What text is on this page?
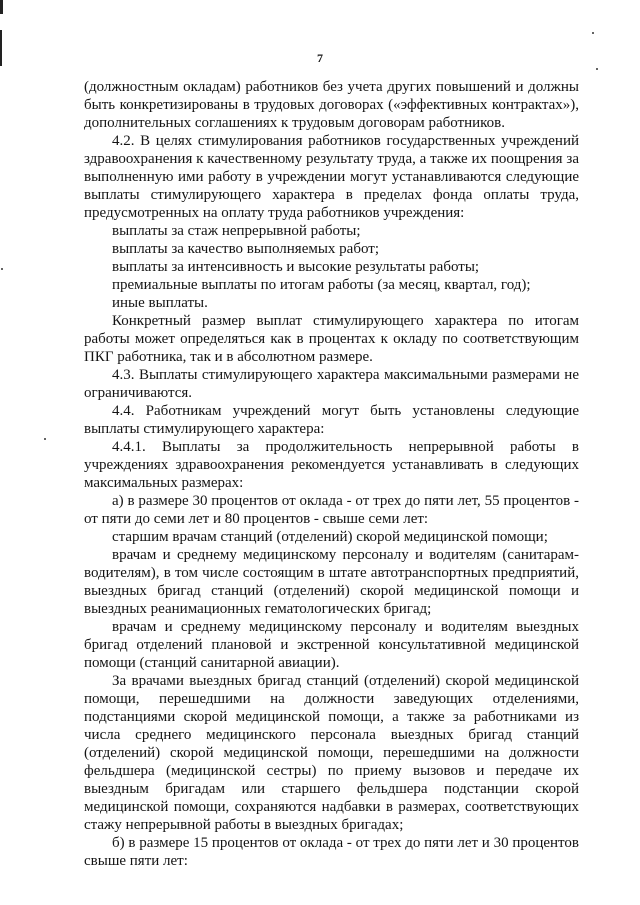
7

(должностным окладам) работников без учета других повышений и должны быть конкретизированы в трудовых договорах («эффективных контрактах»), дополнительных соглашениях к трудовым договорам работников.

4.2. В целях стимулирования работников государственных учреждений здравоохранения к качественному результату труда, а также их поощрения за выполненную ими работу в учреждении могут устанавливаются следующие выплаты стимулирующего характера в пределах фонда оплаты труда, предусмотренных на оплату труда работников учреждения:

выплаты за стаж непрерывной работы;

выплаты за качество выполняемых работ;

выплаты за интенсивность и высокие результаты работы;

премиальные выплаты по итогам работы (за месяц, квартал, год);

иные выплаты.

Конкретный размер выплат стимулирующего характера по итогам работы может определяться как в процентах к окладу по соответствующим ПКГ работника, так и в абсолютном размере.

4.3. Выплаты стимулирующего характера максимальными размерами не ограничиваются.

4.4. Работникам учреждений могут быть установлены следующие выплаты стимулирующего характера:

4.4.1. Выплаты за продолжительность непрерывной работы в учреждениях здравоохранения рекомендуется устанавливать в следующих максимальных размерах:

а) в размере 30 процентов от оклада - от трех до пяти лет, 55 процентов - от пяти до семи лет и 80 процентов - свыше семи лет:

старшим врачам станций (отделений) скорой медицинской помощи;

врачам и среднему медицинскому персоналу и водителям (санитарам-водителям), в том числе состоящим в штате автотранспортных предприятий, выездных бригад станций (отделений) скорой медицинской помощи и выездных реанимационных гематологических бригад;

врачам и среднему медицинскому персоналу и водителям выездных бригад отделений плановой и экстренной консультативной медицинской помощи (станций санитарной авиации).

За врачами выездных бригад станций (отделений) скорой медицинской помощи, перешедшими на должности заведующих отделениями, подстанциями скорой медицинской помощи, а также за работниками из числа среднего медицинского персонала выездных бригад станций (отделений) скорой медицинской помощи, перешедшими на должности фельдшера (медицинской сестры) по приему вызовов и передаче их выездным бригадам или старшего фельдшера подстанции скорой медицинской помощи, сохраняются надбавки в размерах, соответствующих стажу непрерывной работы в выездных бригадах;

б) в размере 15 процентов от оклада - от трех до пяти лет и 30 процентов свыше пяти лет:
